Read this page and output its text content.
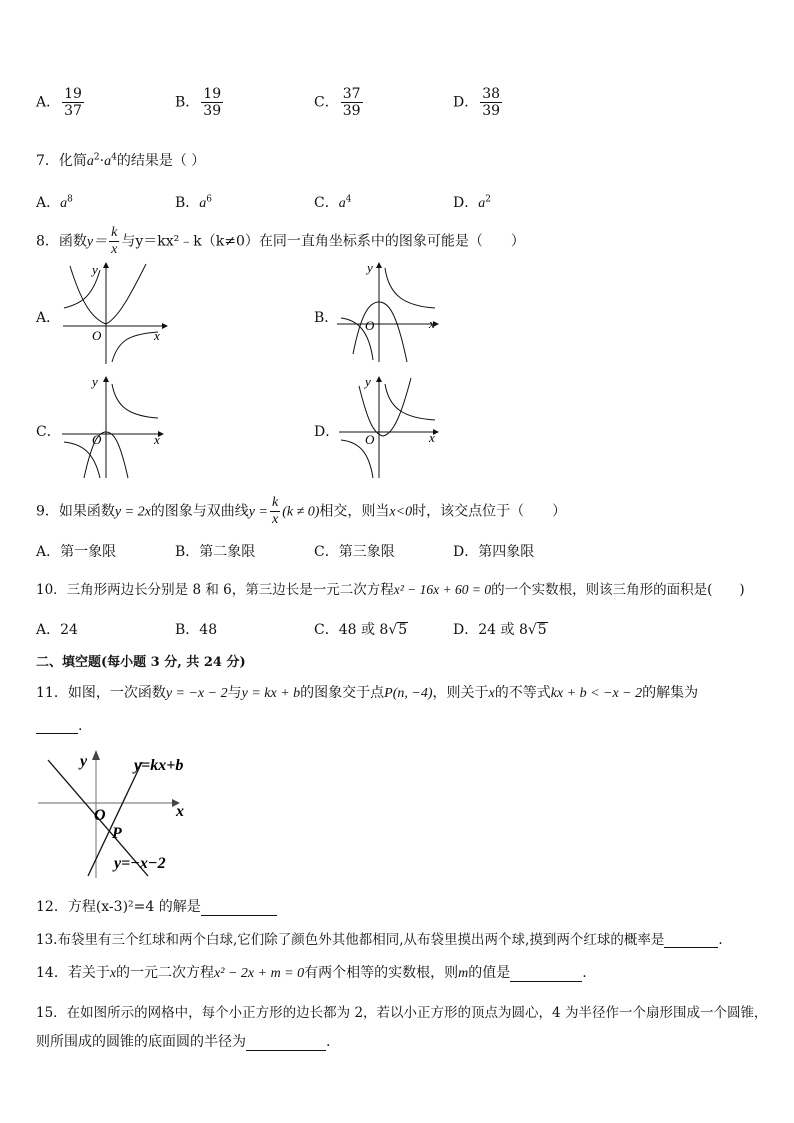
A． $\frac{19}{37}$	B． $\frac{19}{39}$	C． $\frac{37}{39}$	D． $\frac{38}{39}$
7．化简$a^2\cdot a^4$的结果是（ ）
A．$a^8$	B．$a^6$	C．$a^4$	D．$a^2$
8．函数$y= \frac{k}{x}$ 与y＝kx²﹣k（k≠0）在同一直角坐标系中的图象可能是（　　）
A．
x
y
O
B．	x
y
O
C．	x
y
O	D．	x
y
O
9．如果函数y = 2x的图象与双曲线$y = \frac{k}{x} (k \ne 0)$相交，则当x<0时，该交点位于（　　）
A．第一象限	B．第二象限	C．第三象限	D．第四象限
10．三角形两边长分别是 8 和 6，第三边长是一元二次方程x² − 16x + 60 = 0的一个实数根，则该三角形的面积是(　　)
A．24	B．48	C．48 或 8√5	D．24 或 8√5
二、填空题(每小题 3 分, 共 24 分)
11．如图，一次函数y = −x − 2与y = kx + b的图象交于点P(n, −4)，则关于x的不等式kx + b < −x − 2的解集为
.
y
x
O
P
y=kx+b
y=−x−2
12．方程(x-3)²=4 的解是
13.布袋里有三个红球和两个白球,它们除了颜色外其他都相同,从布袋里摸出两个球,摸到两个红球的概率是	.
14．若关于x的一元二次方程x² − 2x + m = 0有两个相等的实数根，则m的值是	.
15．在如图所示的网格中，每个小正方形的边长都为 2，若以小正方形的顶点为圆心，4 为半径作一个扇形围成一个圆锥，
则所围成的圆锥的底面圆的半径为	.
